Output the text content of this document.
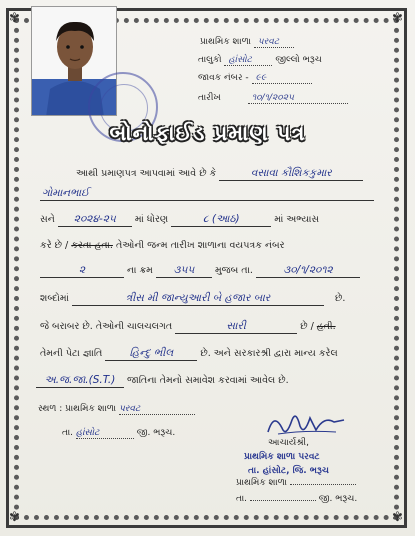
✾	✾
✾	✾
પ્રાથમિક શાળા પરવટ
તાલુકો હાંસોટ	જીલ્લો ભરૂચ
જાવક નંબર - ૯૯
તારીખ	૧૦/૧/૨૦૨૫
બોનોફાઈડ પ્રમાણ પત્ર
આથી પ્રમાણપત્ર આપવામાં આવે છે કે	વસાવા કૌશિકકુમાર
ગોમાનભાઈ
સને ૨૦૨૪-૨૫ માં ધોરણ	૮ (આઠ)	માં અભ્યાસ
કરે છે / કરતા હતા. તેઓની જન્મ તારીખ શાળાના વયપત્રક નંબર
૨	ના ક્રમ ૩૫૫ મુજબ તા.	૩૦/૧/૨૦૧૨
શબ્દોમાં	ત્રીસ મી જાન્યુઆરી બે હજાર બાર	છે.
જે બરાબર છે. તેઓની ચાલચલગત	સારી	છે / હતી.
તેમની પેટા જ્ઞાતિ	હિન્દુ ભીલ	છે. અને સરકારશ્રી દ્વારા માન્ય કરેલ
અ.જ.જા.(S.T.) જાતિના તેમનો સમાવેશ કરવામાં આવેલ છે.
સ્થળ : પ્રાથમિક શાળા પરવટ
તા. હાંસોટ	જી. ભરૂચ.
આચાર્યશ્રી,
પ્રાથમિક શાળા પરવટ
તા. હાંસોટ, જિ. ભરૂચ
પ્રાથમિક શાળા
તા.	જી. ભરૂચ.
